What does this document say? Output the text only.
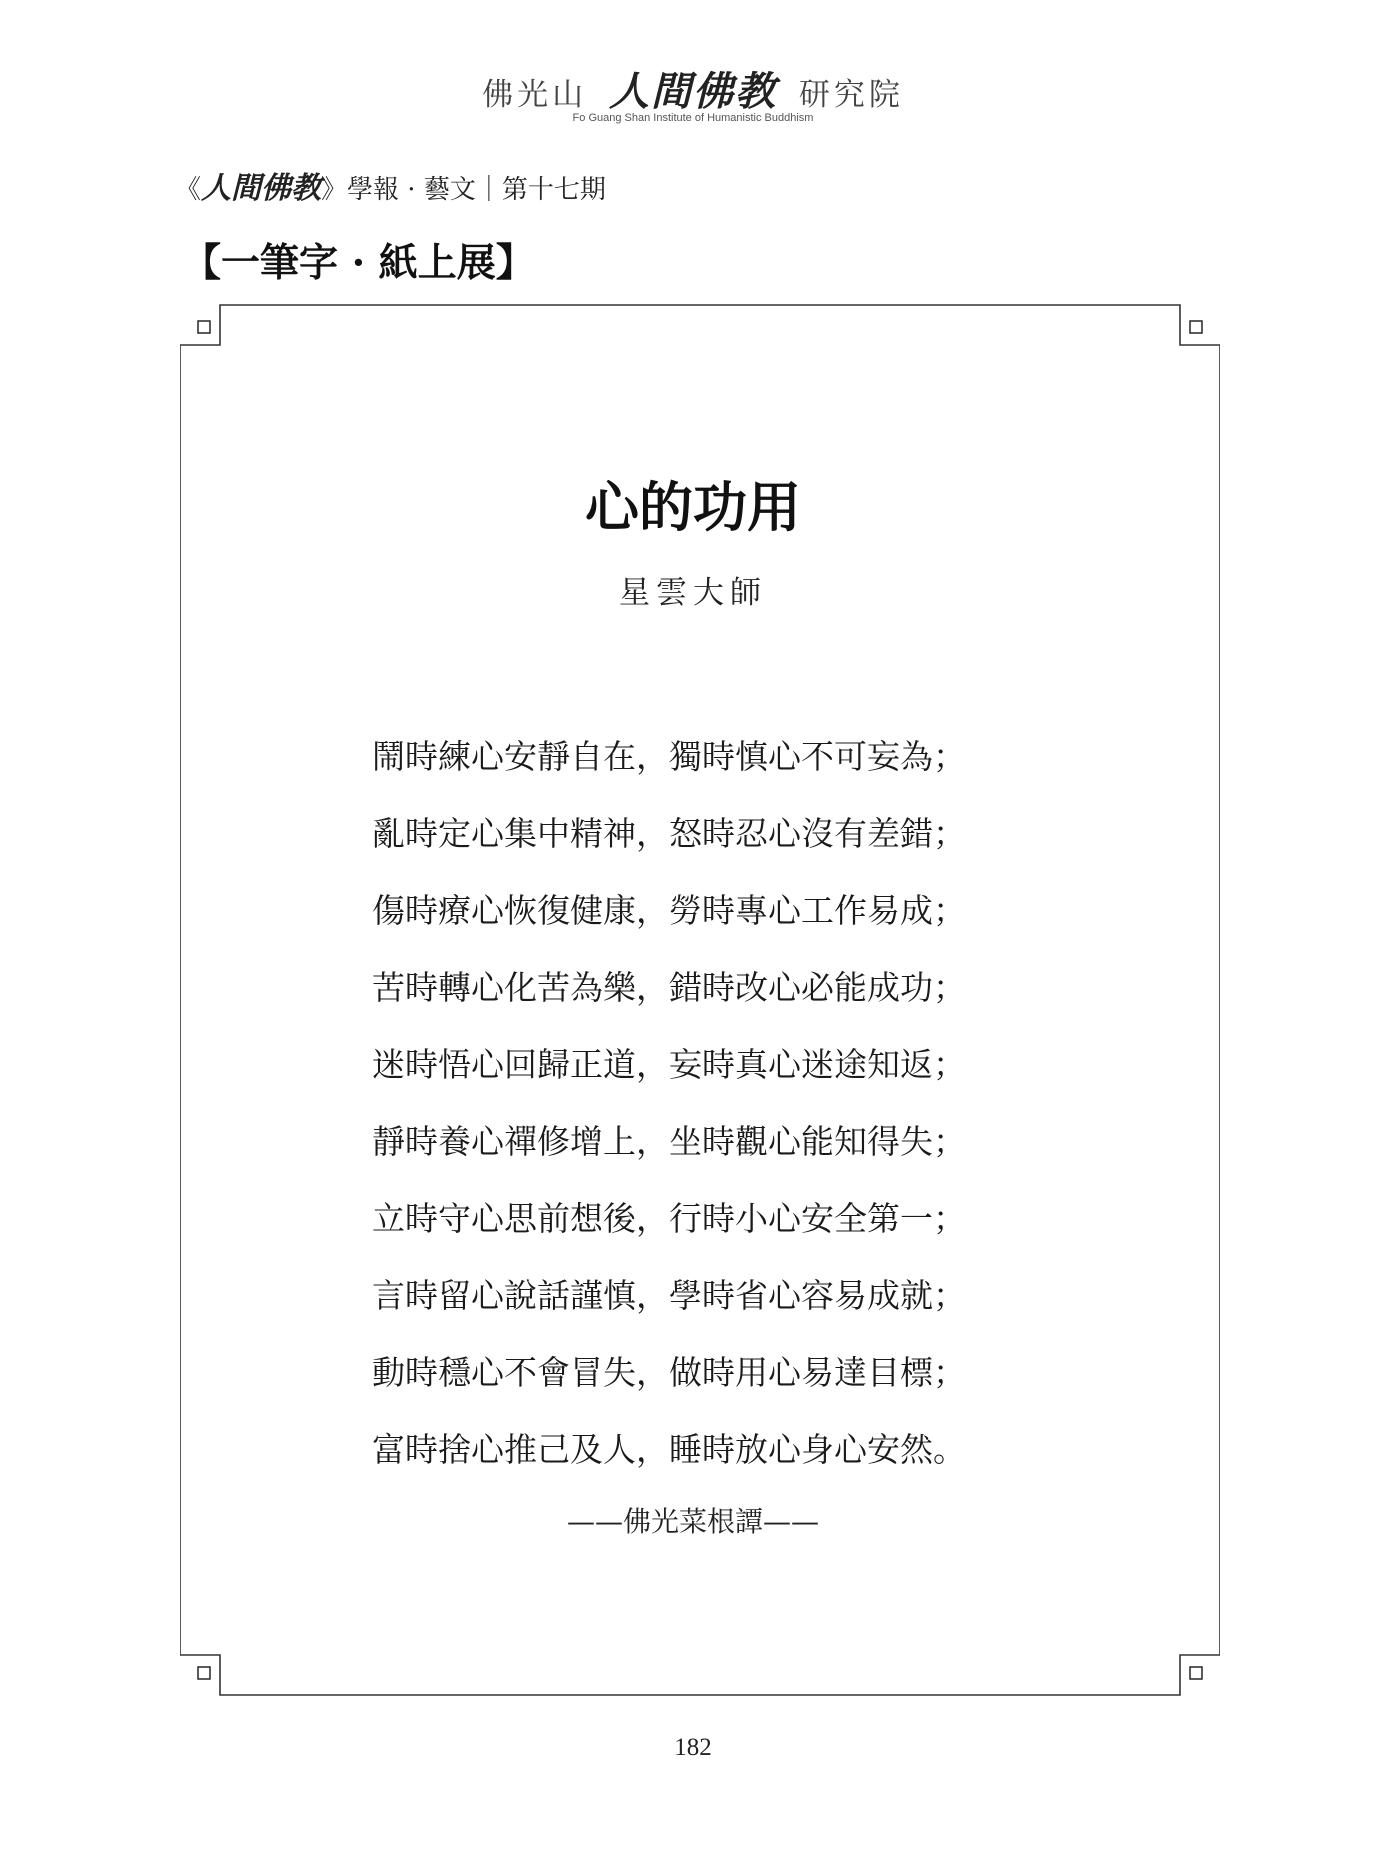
佛光山 人間佛教 研究院
Fo Guang Shan Institute of Humanistic Buddhism
《人間佛教》學報 · 藝文｜第十七期
【一筆字 · 紙上展】
心的功用
星雲大師
鬧時練心安靜自在，獨時慎心不可妄為；
亂時定心集中精神，怒時忍心沒有差錯；
傷時療心恢復健康，勞時專心工作易成；
苦時轉心化苦為樂，錯時改心必能成功；
迷時悟心回歸正道，妄時真心迷途知返；
靜時養心禪修增上，坐時觀心能知得失；
立時守心思前想後，行時小心安全第一；
言時留心說話謹慎，學時省心容易成就；
動時穩心不會冒失，做時用心易達目標；
富時捨心推己及人，睡時放心身心安然。
——佛光菜根譚——
182
